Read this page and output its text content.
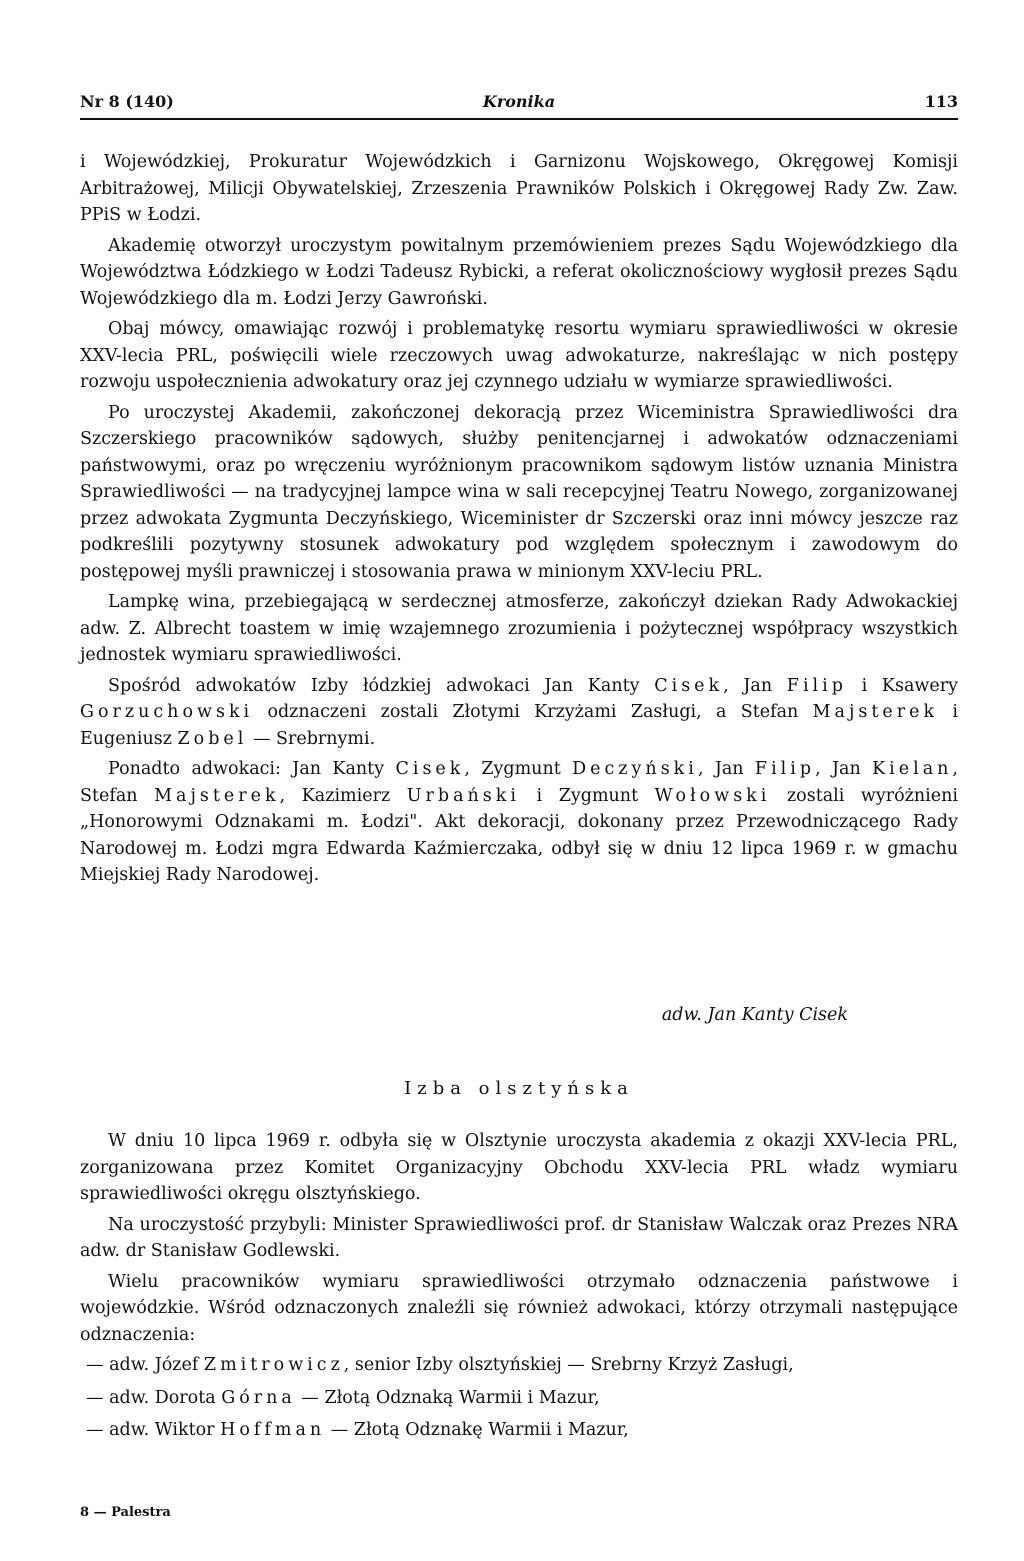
Nr 8 (140)	Kronika	113

i Wojewódzkiej, Prokuratur Wojewódzkich i Garnizonu Wojskowego, Okręgowej Komisji Arbitrażowej, Milicji Obywatelskiej, Zrzeszenia Prawników Polskich i Okręgowej Rady Zw. Zaw. PPiS w Łodzi.

Akademię otworzył uroczystym powitalnym przemówieniem prezes Sądu Wojewódzkiego dla Województwa Łódzkiego w Łodzi Tadeusz Rybicki, a referat okolicznościowy wygłosił prezes Sądu Wojewódzkiego dla m. Łodzi Jerzy Gawroński.

Obaj mówcy, omawiając rozwój i problematykę resortu wymiaru sprawiedliwości w okresie XXV-lecia PRL, poświęcili wiele rzeczowych uwag adwokaturze, nakreślając w nich postępy rozwoju uspołecznienia adwokatury oraz jej czynnego udziału w wymiarze sprawiedliwości.

Po uroczystej Akademii, zakończonej dekoracją przez Wiceministra Sprawiedliwości dra Szczerskiego pracowników sądowych, służby penitencjarnej i adwokatów odznaczeniami państwowymi, oraz po wręczeniu wyróżnionym pracownikom sądowym listów uznania Ministra Sprawiedliwości — na tradycyjnej lampce wina w sali recepcyjnej Teatru Nowego, zorganizowanej przez adwokata Zygmunta Deczyńskiego, Wiceminister dr Szczerski oraz inni mówcy jeszcze raz podkreślili pozytywny stosunek adwokatury pod względem społecznym i zawodowym do postępowej myśli prawniczej i stosowania prawa w minionym XXV-leciu PRL.

Lampkę wina, przebiegającą w serdecznej atmosferze, zakończył dziekan Rady Adwokackiej adw. Z. Albrecht toastem w imię wzajemnego zrozumienia i pożytecznej współpracy wszystkich jednostek wymiaru sprawiedliwości.

Spośród adwokatów Izby łódzkiej adwokaci Jan Kanty Cisek, Jan Filip i Ksawery Gorzuchowski odznaczeni zostali Złotymi Krzyżami Zasługi, a Stefan Majsterek i Eugeniusz Zobel — Srebrnymi.

Ponadto adwokaci: Jan Kanty Cisek, Zygmunt Deczyński, Jan Filip, Jan Kielan, Stefan Majsterek, Kazimierz Urbański i Zygmunt Wołowski zostali wyróżnieni „Honorowymi Odznakami m. Łodzi". Akt dekoracji, dokonany przez Przewodniczącego Rady Narodowej m. Łodzi mgra Edwarda Kaźmierczaka, odbył się w dniu 12 lipca 1969 r. w gmachu Miejskiej Rady Narodowej.

adw. Jan Kanty Cisek
Izba olsztyńska

W dniu 10 lipca 1969 r. odbyła się w Olsztynie uroczysta akademia z okazji XXV-lecia PRL, zorganizowana przez Komitet Organizacyjny Obchodu XXV-lecia PRL władz wymiaru sprawiedliwości okręgu olsztyńskiego.

Na uroczystość przybyli: Minister Sprawiedliwości prof. dr Stanisław Walczak oraz Prezes NRA adw. dr Stanisław Godlewski.

Wielu pracowników wymiaru sprawiedliwości otrzymało odznaczenia państwowe i wojewódzkie. Wśród odznaczonych znaleźli się również adwokaci, którzy otrzymali następujące odznaczenia:

— adw. Józef Zmitrowicz, senior Izby olsztyńskiej — Srebrny Krzyż Zasługi,
— adw. Dorota Górna — Złotą Odznaką Warmii i Mazur,
— adw. Wiktor Hoffman — Złotą Odznakę Warmii i Mazur,
8 — Palestra
